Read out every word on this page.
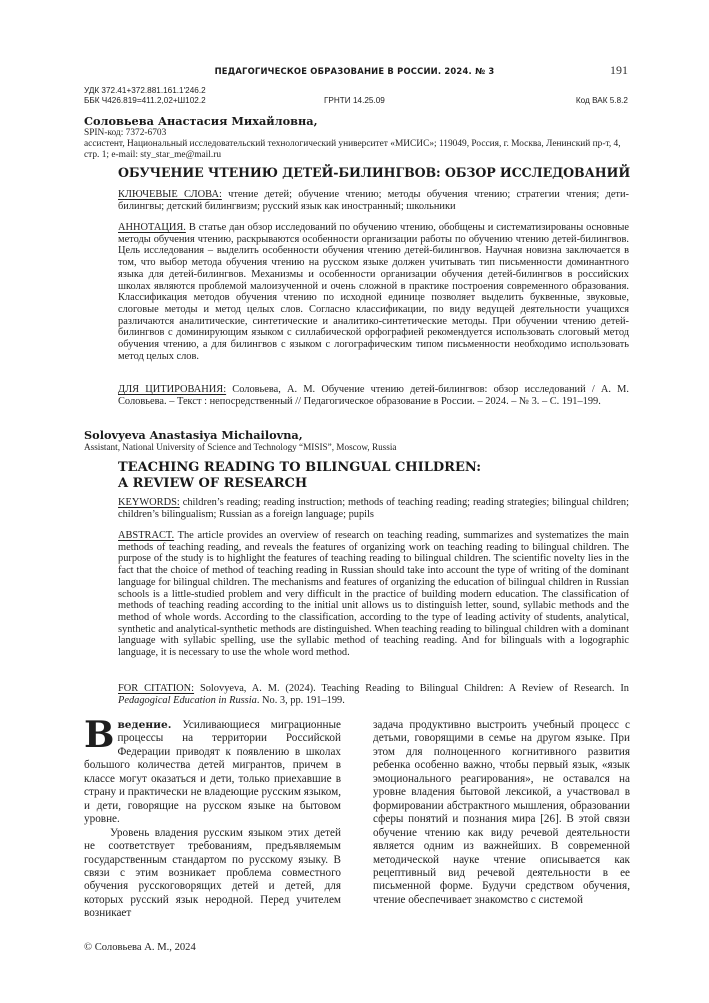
ПЕДАГОГИЧЕСКОЕ ОБРАЗОВАНИЕ В РОССИИ. 2024. № 3	191
УДК 372.41+372.881.161.1'246.2
ББК Ч426.819=411.2,02+Ш102.2	ГРНТИ 14.25.09	Код ВАК 5.8.2
Соловьева Анастасия Михайловна,
SPIN-код: 7372-6703
ассистент, Национальный исследовательский технологический университет «МИСИС»; 119049, Россия, г. Москва, Ленинский пр-т, 4, стр. 1; e-mail: sty_star_me@mail.ru
ОБУЧЕНИЕ ЧТЕНИЮ ДЕТЕЙ-БИЛИНГВОВ: ОБЗОР ИССЛЕДОВАНИЙ
КЛЮЧЕВЫЕ СЛОВА: чтение детей; обучение чтению; методы обучения чтению; стратегии чтения; дети-билингвы; детский билингвизм; русский язык как иностранный; школьники
АННОТАЦИЯ. В статье дан обзор исследований по обучению чтению, обобщены и систематизированы основные методы обучения чтению, раскрываются особенности организации работы по обучению чтению детей-билингвов. Цель исследования – выделить особенности обучения чтению детей-билингвов. Научная новизна заключается в том, что выбор метода обучения чтению на русском языке должен учитывать тип письменности доминантного языка для детей-билингвов. Механизмы и особенности организации обучения детей-билингвов в российских школах являются проблемой малоизученной и очень сложной в практике построения современного образования. Классификация методов обучения чтению по исходной единице позволяет выделить буквенные, звуковые, слоговые методы и метод целых слов. Согласно классификации, по виду ведущей деятельности учащихся различаются аналитические, синтетические и аналитико-синтетические методы. При обучении чтению детей-билингвов с доминирующим языком с силлабической орфографией рекомендуется использовать слоговый метод обучения чтению, а для билингвов с языком с логографическим типом письменности необходимо использовать метод целых слов.
ДЛЯ ЦИТИРОВАНИЯ: Соловьева, А. М. Обучение чтению детей-билингвов: обзор исследований / А. М. Соловьева. – Текст : непосредственный // Педагогическое образование в России. – 2024. – № 3. – С. 191–199.
Solovyeva Anastasiya Michailovna,
Assistant, National University of Science and Technology “MISIS”, Moscow, Russia
TEACHING READING TO BILINGUAL CHILDREN:
A REVIEW OF RESEARCH
KEYWORDS: children’s reading; reading instruction; methods of teaching reading; reading strategies; bilingual children; children’s bilingualism; Russian as a foreign language; pupils
ABSTRACT. The article provides an overview of research on teaching reading, summarizes and systematizes the main methods of teaching reading, and reveals the features of organizing work on teaching reading to bilingual children. The purpose of the study is to highlight the features of teaching reading to bilingual children. The scientific novelty lies in the fact that the choice of method of teaching reading in Russian should take into account the type of writing of the dominant language for bilingual children. The mechanisms and features of organizing the education of bilingual children in Russian schools is a little-studied problem and very difficult in the practice of building modern education. The classification of methods of teaching reading according to the initial unit allows us to distinguish letter, sound, syllabic methods and the method of whole words. According to the classification, according to the type of leading activity of students, analytical, synthetic and analytical-synthetic methods are distinguished. When teaching reading to bilingual children with a dominant language with syllabic spelling, use the syllabic method of teaching reading. And for bilinguals with a logographic language, it is necessary to use the whole word method.
FOR CITATION: Solovyeva, A. M. (2024). Teaching Reading to Bilingual Children: A Review of Research. In Pedagogical Education in Russia. No. 3, pp. 191–199.

Введение. Усиливающиеся миграционные процессы на территории Российской Федерации приводят к появлению в школах большого количества детей мигрантов, причем в классе могут оказаться и дети, только приехавшие в страну и практически не владеющие русским языком, и дети, говорящие на русском языке на бытовом уровне.

Уровень владения русским языком этих детей не соответствует требованиям, предъявляемым государственным стандартом по русскому языку. В связи с этим возникает проблема совместного обучения русскоговорящих детей и детей, для которых русский язык неродной. Перед учителем возникает

задача продуктивно выстроить учебный процесс с детьми, говорящими в семье на другом языке. При этом для полноценного когнитивного развития ребенка особенно важно, чтобы первый язык, «язык эмоционального реагирования», не оставался на уровне владения бытовой лексикой, а участвовал в формировании абстрактного мышления, образовании сферы понятий и познания мира [26]. В этой связи обучение чтению как виду речевой деятельности является одним из важнейших. В современной методической науке чтение описывается как рецептивный вид речевой деятельности в ее письменной форме. Будучи средством обучения, чтение обеспечивает знакомство с системой

© Соловьева А. М., 2024
